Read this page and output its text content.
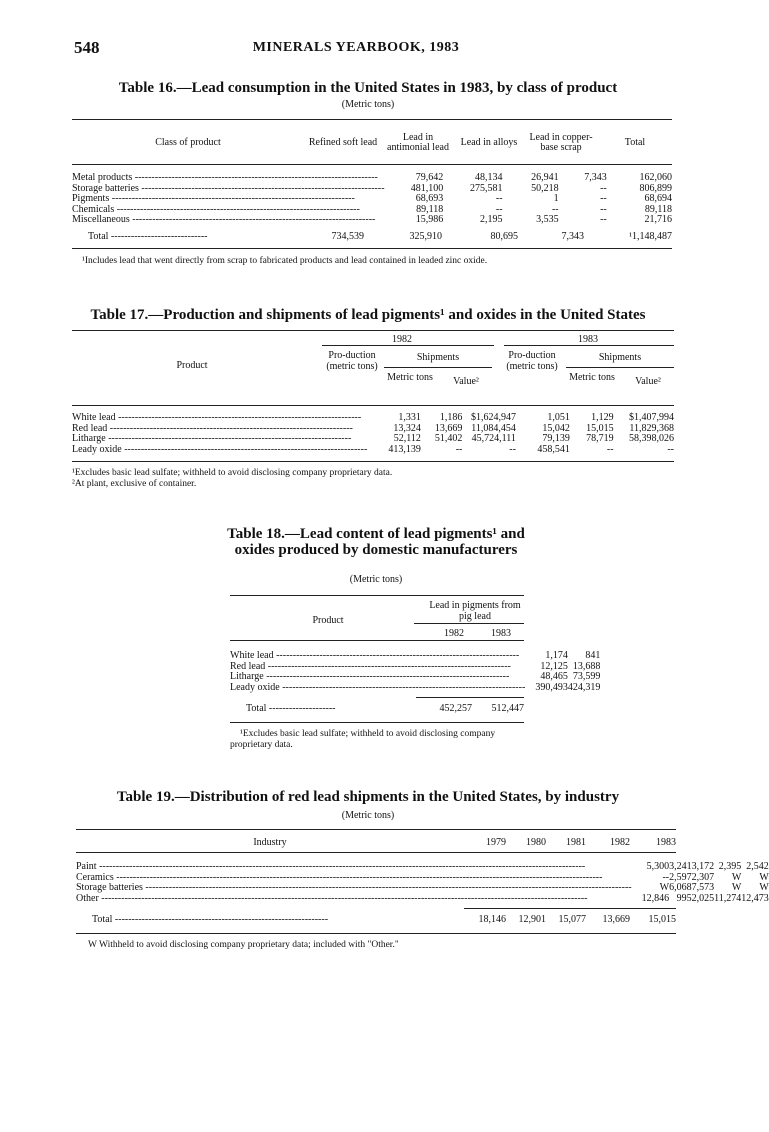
548	MINERALS YEARBOOK, 1983
Table 16.—Lead consumption in the United States in 1983, by class of product
(Metric tons)
Class of product	Refined soft lead	Lead in antimonial lead	Lead in alloys	Lead in copper-base scrap	Total
Metal products -------------------------------------------------------------------------	79,642	48,134	26,941	7,343	162,060
Storage batteries -------------------------------------------------------------------------	481,100	275,581	50,218	--	806,899
Pigments -------------------------------------------------------------------------	68,693	--	1	--	68,694
Chemicals -------------------------------------------------------------------------	89,118	--	--	--	89,118
Miscellaneous -------------------------------------------------------------------------	15,986	2,195	3,535	--	21,716
Total -----------------------------	734,539	325,910	80,695	7,343	¹1,148,487
¹Includes lead that went directly from scrap to fabricated products and lead contained in leaded zinc oxide.
Table 17.—Production and shipments of lead pigments¹ and oxides in the United States
Product
1982	1983
Pro-duction (metric tons)
Shipments
Metric tons	Value²
Pro-duction (metric tons)
Shipments
Metric tons	Value²
White lead -------------------------------------------------------------------------	1,331	1,186	$1,624,947	1,051	1,129	$1,407,994
Red lead -------------------------------------------------------------------------	13,324	13,669	11,084,454	15,042	15,015	11,829,368
Litharge -------------------------------------------------------------------------	52,112	51,402	45,724,111	79,139	78,719	58,398,026
Leady oxide -------------------------------------------------------------------------	413,139	--	--	458,541	--	--
¹Excludes basic lead sulfate; withheld to avoid disclosing company proprietary data.
²At plant, exclusive of container.
Table 18.—Lead content of lead pigments¹ and oxides produced by domestic manufacturers
(Metric tons)
Product
Lead in pigments from pig lead
1982	1983
White lead -------------------------------------------------------------------------	1,174	841
Red lead -------------------------------------------------------------------------	12,125	13,688
Litharge -------------------------------------------------------------------------	48,465	73,599
Leady oxide -------------------------------------------------------------------------	390,493	424,319
Total --------------------	452,257	512,447
¹Excludes basic lead sulfate; withheld to avoid disclosing company proprietary data.
Table 19.—Distribution of red lead shipments in the United States, by industry
(Metric tons)
Industry	1979	1980	1981	1982	1983
Paint --------------------------------------------------------------------------------------------------------------------------------------------------	5,300	3,241	3,172	2,395	2,542
Ceramics --------------------------------------------------------------------------------------------------------------------------------------------------	--	2,597	2,307	W	W
Storage batteries --------------------------------------------------------------------------------------------------------------------------------------------------	W	6,068	7,573	W	W
Other --------------------------------------------------------------------------------------------------------------------------------------------------	12,846	995	2,025	11,274	12,473
Total ----------------------------------------------------------------	18,146	12,901	15,077	13,669	15,015
W Withheld to avoid disclosing company proprietary data; included with "Other."
